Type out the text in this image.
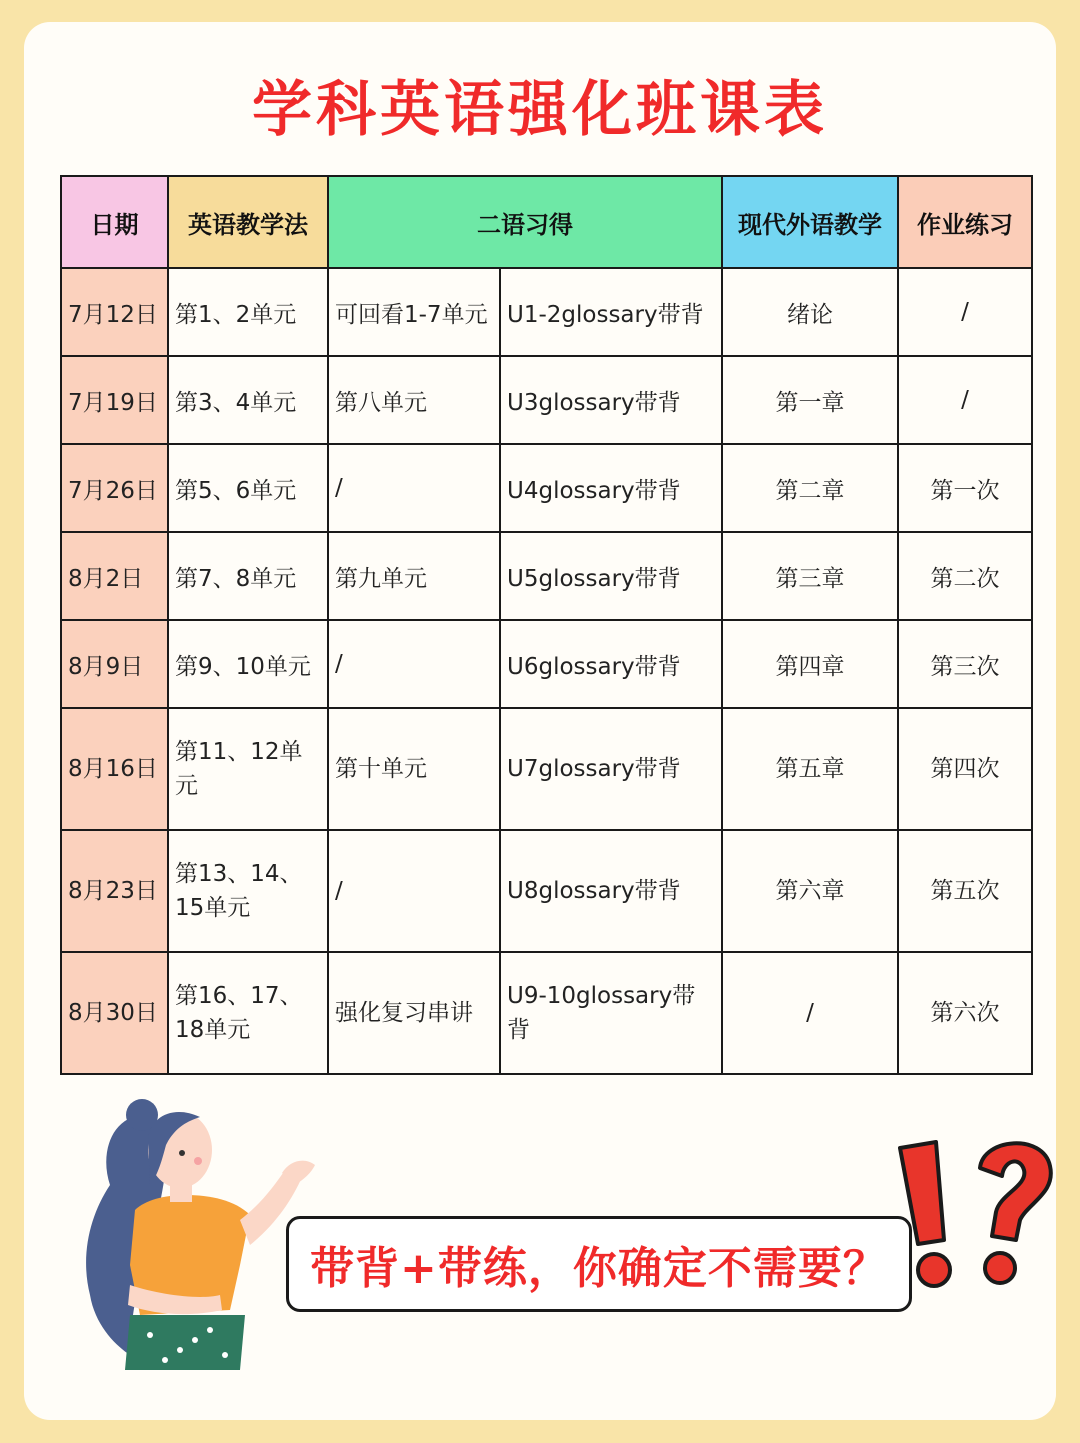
学科英语强化班课表
日期	英语教学法	二语习得		现代外语教学	作业练习
7月12日	第1、2单元	可回看1-7单元	U1-2glossary带背	绪论	/
7月19日	第3、4单元	第八单元	U3glossary带背	第一章	/
7月26日	第5、6单元	/	U4glossary带背	第二章	第一次
8月2日	第7、8单元	第九单元	U5glossary带背	第三章	第二次
8月9日	第9、10单元	/	U6glossary带背	第四章	第三次
8月16日	第11、12单元	第十单元	U7glossary带背	第五章	第四次
8月23日	第13、14、15单元	/	U8glossary带背	第六章	第五次
8月30日	第16、17、18单元	强化复习串讲	U9-10glossary带背	/	第六次
带背+带练，你确定不需要？
